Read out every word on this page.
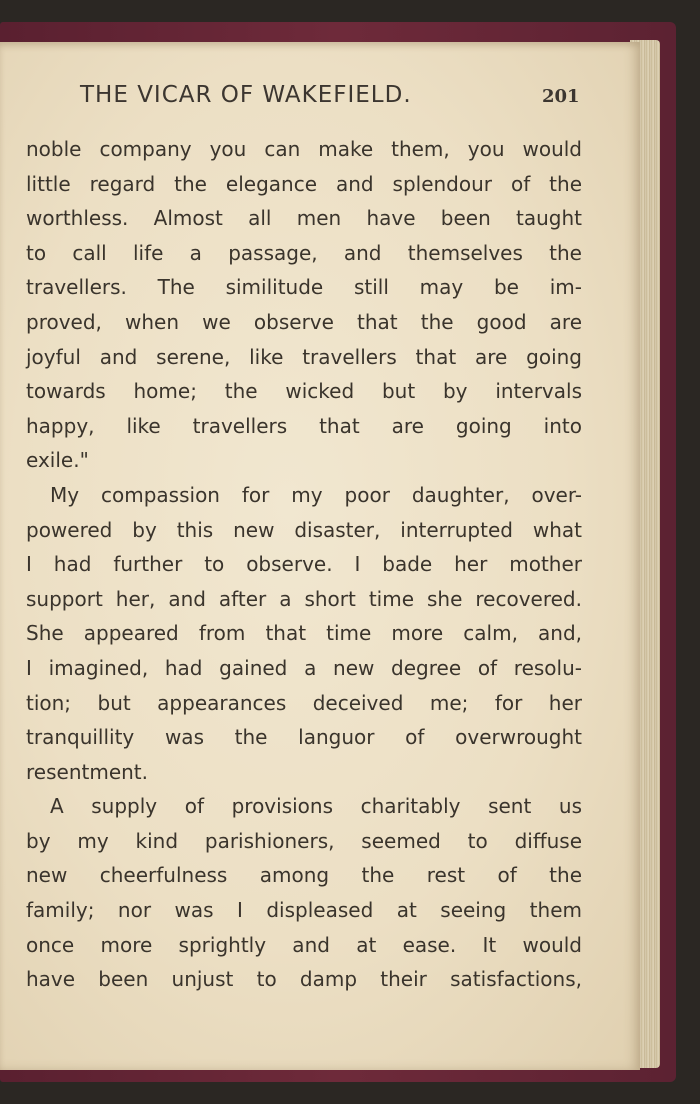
THE VICAR OF WAKEFIELD.	201
noble company you can make them, you would
little regard the elegance and splendour of the
worthless. Almost all men have been taught
to call life a passage, and themselves the
travellers. The similitude still may be im-
proved, when we observe that the good are
joyful and serene, like travellers that are going
towards home; the wicked but by intervals
happy, like travellers that are going into
exile."
My compassion for my poor daughter, over-
powered by this new disaster, interrupted what
I had further to observe. I bade her mother
support her, and after a short time she recovered.
She appeared from that time more calm, and,
I imagined, had gained a new degree of resolu-
tion; but appearances deceived me; for her
tranquillity was the languor of overwrought
resentment.
A supply of provisions charitably sent us
by my kind parishioners, seemed to diffuse
new cheerfulness among the rest of the
family; nor was I displeased at seeing them
once more sprightly and at ease. It would
have been unjust to damp their satisfactions,
